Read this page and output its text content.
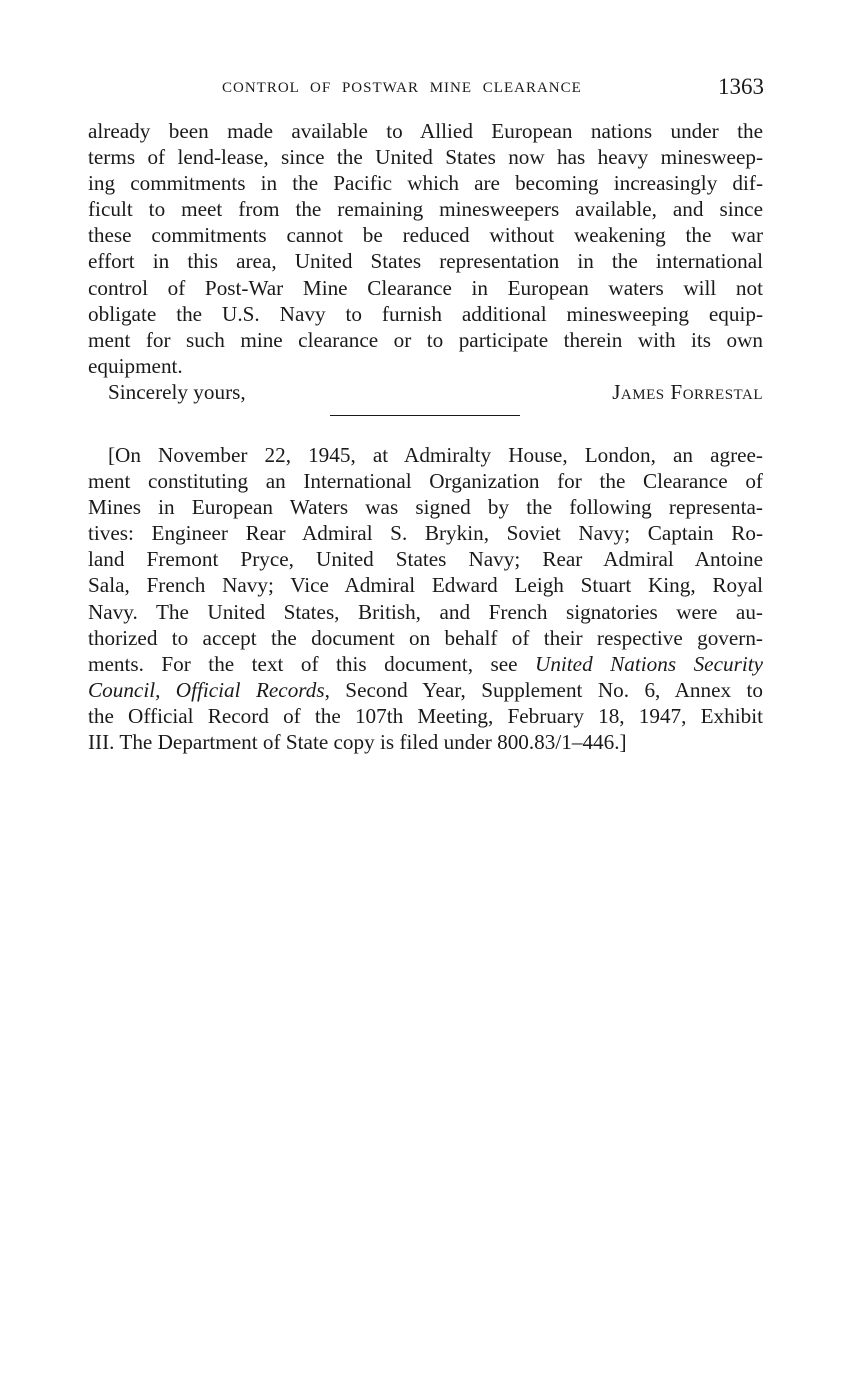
CONTROL OF POSTWAR MINE CLEARANCE	1363
already been made available to Allied European nations under the
terms of lend-lease, since the United States now has heavy minesweep-
ing commitments in the Pacific which are becoming increasingly dif-
ficult to meet from the remaining minesweepers available, and since
these commitments cannot be reduced without weakening the war
effort in this area, United States representation in the international
control of Post-War Mine Clearance in European waters will not
obligate the U.S. Navy to furnish additional minesweeping equip-
ment for such mine clearance or to participate therein with its own
equipment.
Sincerely yours,	James Forrestal
[On November 22, 1945, at Admiralty House, London, an agree-
ment constituting an International Organization for the Clearance of
Mines in European Waters was signed by the following representa-
tives: Engineer Rear Admiral S. Brykin, Soviet Navy; Captain Ro-
land Fremont Pryce, United States Navy; Rear Admiral Antoine
Sala, French Navy; Vice Admiral Edward Leigh Stuart King, Royal
Navy. The United States, British, and French signatories were au-
thorized to accept the document on behalf of their respective govern-
ments. For the text of this document, see United Nations Security
Council, Official Records, Second Year, Supplement No. 6, Annex to
the Official Record of the 107th Meeting, February 18, 1947, Exhibit
III. The Department of State copy is filed under 800.83/1–446.]
